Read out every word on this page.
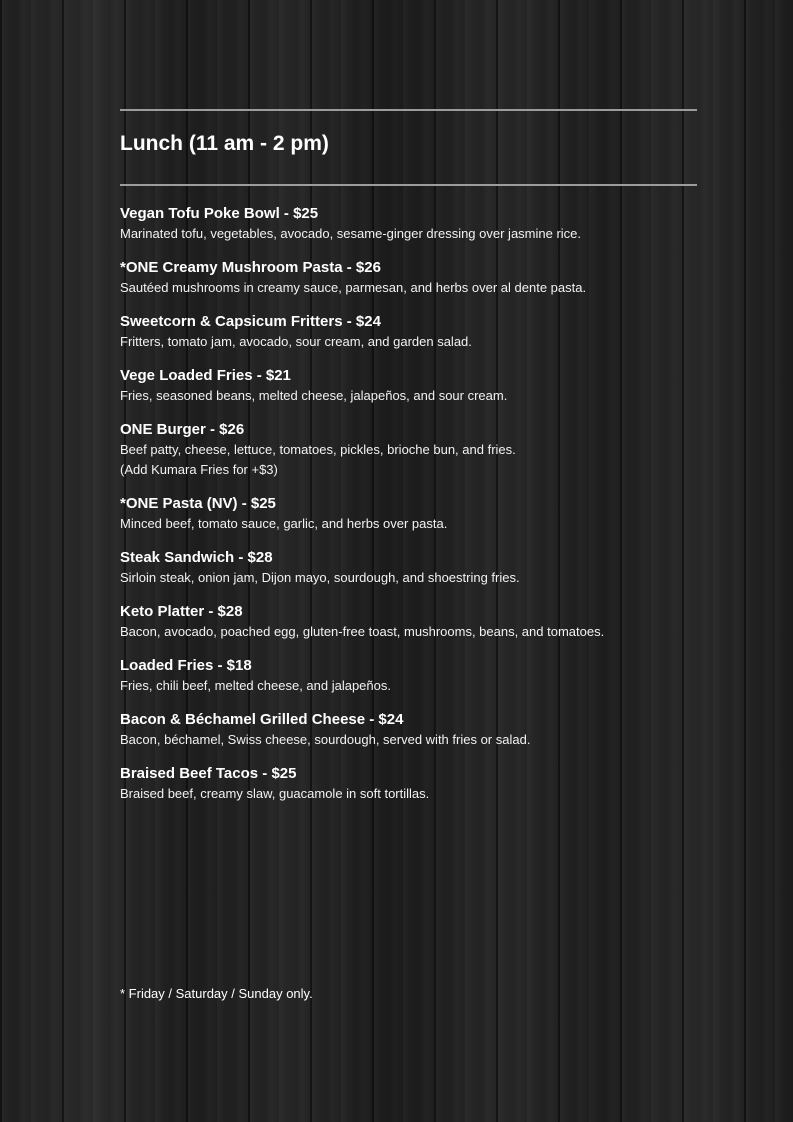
Lunch (11 am - 2 pm)
Vegan Tofu Poke Bowl - $25
Marinated tofu, vegetables, avocado, sesame-ginger dressing over jasmine rice.
*ONE Creamy Mushroom Pasta - $26
Sautéed mushrooms in creamy sauce, parmesan, and herbs over al dente pasta.
Sweetcorn & Capsicum Fritters - $24
Fritters, tomato jam, avocado, sour cream, and garden salad.
Vege Loaded Fries - $21
Fries, seasoned beans, melted cheese, jalapeños, and sour cream.
ONE Burger - $26
Beef patty, cheese, lettuce, tomatoes, pickles, brioche bun, and fries.
(Add Kumara Fries for +$3)
*ONE Pasta (NV) - $25
Minced beef, tomato sauce, garlic, and herbs over pasta.
Steak Sandwich - $28
Sirloin steak, onion jam, Dijon mayo, sourdough, and shoestring fries.
Keto Platter - $28
Bacon, avocado, poached egg, gluten-free toast, mushrooms, beans, and tomatoes.
Loaded Fries - $18
Fries, chili beef, melted cheese, and jalapeños.
Bacon & Béchamel Grilled Cheese - $24
Bacon, béchamel, Swiss cheese, sourdough, served with fries or salad.
Braised Beef Tacos - $25
Braised beef, creamy slaw, guacamole in soft tortillas.

* Friday / Saturday / Sunday only.
